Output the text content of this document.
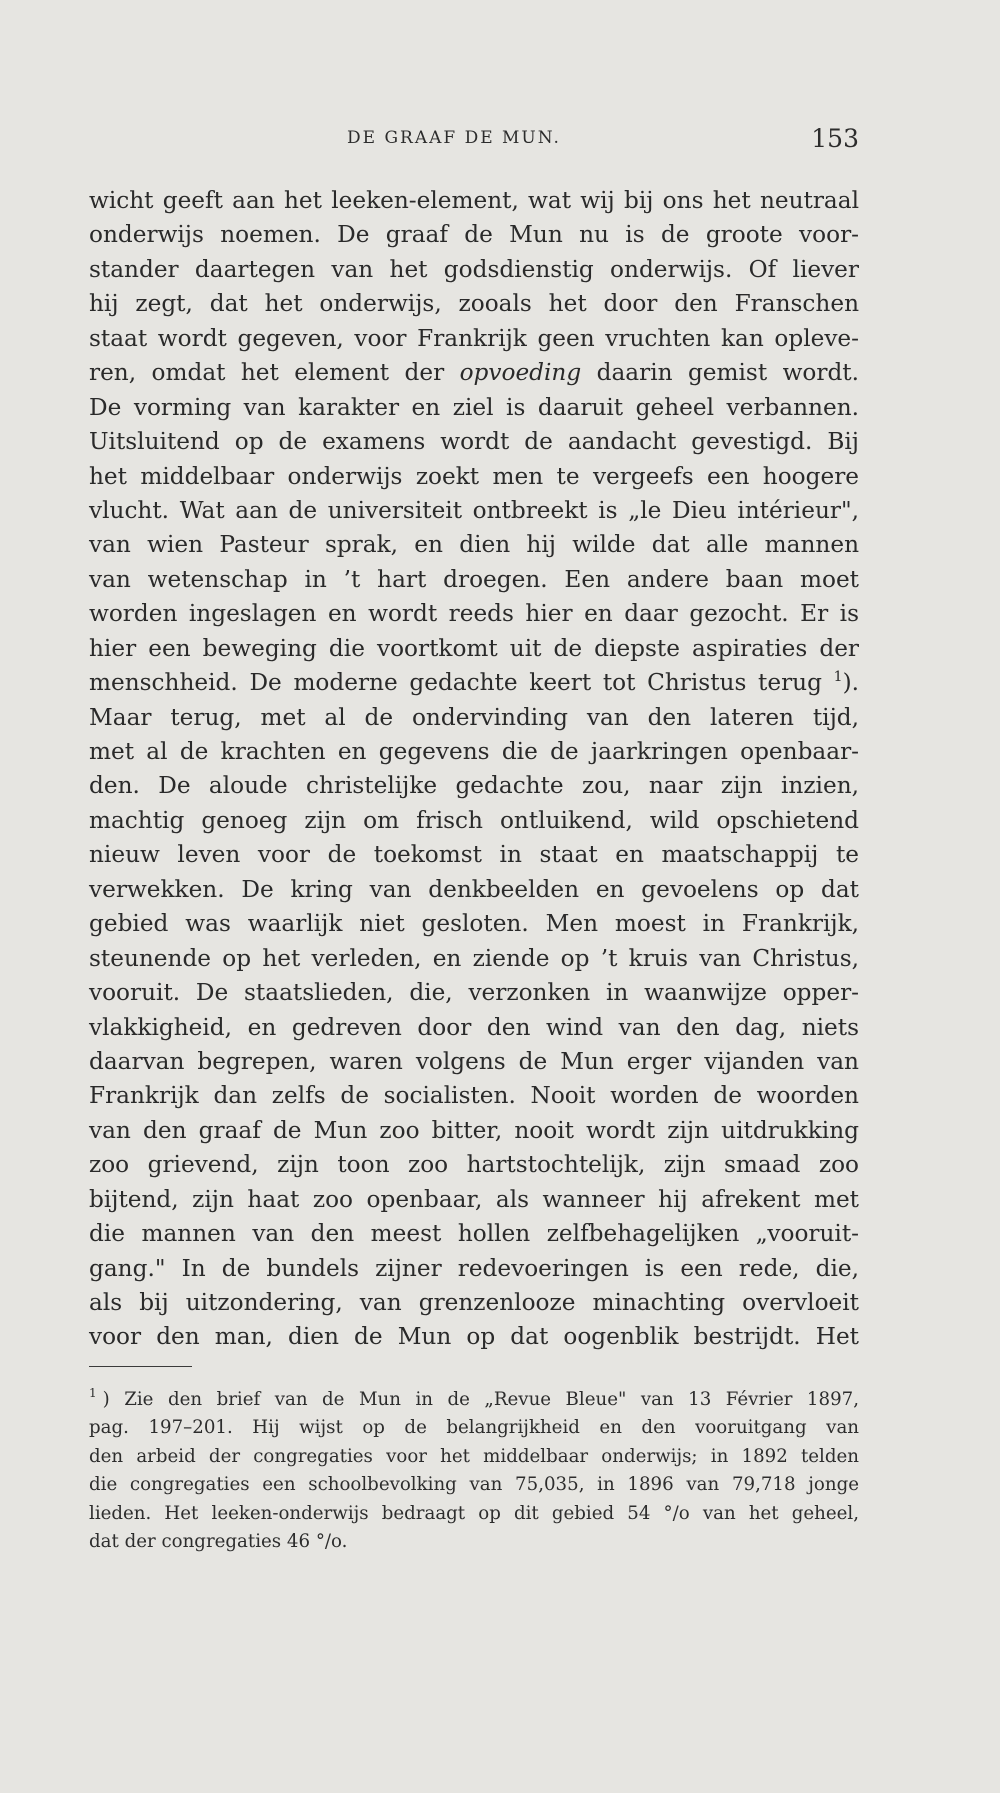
DE GRAAF DE MUN.	153
wicht geeft aan het leeken-element, wat wij bij ons het neutraal
onderwijs noemen. De graaf de Mun nu is de groote voor-
stander daartegen van het godsdienstig onderwijs. Of liever
hij zegt, dat het onderwijs, zooals het door den Franschen
staat wordt gegeven, voor Frankrijk geen vruchten kan opleve-
ren, omdat het element der opvoeding daarin gemist wordt.
De vorming van karakter en ziel is daaruit geheel verbannen.
Uitsluitend op de examens wordt de aandacht gevestigd. Bij
het middelbaar onderwijs zoekt men te vergeefs een hoogere
vlucht. Wat aan de universiteit ontbreekt is „le Dieu intérieur",
van wien Pasteur sprak, en dien hij wilde dat alle mannen
van wetenschap in ’t hart droegen. Een andere baan moet
worden ingeslagen en wordt reeds hier en daar gezocht. Er is
hier een beweging die voortkomt uit de diepste aspiraties der
menschheid. De moderne gedachte keert tot Christus terug $^1$).
Maar terug, met al de ondervinding van den lateren tijd,
met al de krachten en gegevens die de jaarkringen openbaar-
den. De aloude christelijke gedachte zou, naar zijn inzien,
machtig genoeg zijn om frisch ontluikend, wild opschietend
nieuw leven voor de toekomst in staat en maatschappij te
verwekken. De kring van denkbeelden en gevoelens op dat
gebied was waarlijk niet gesloten. Men moest in Frankrijk,
steunende op het verleden, en ziende op ’t kruis van Christus,
vooruit. De staatslieden, die, verzonken in waanwijze opper-
vlakkigheid, en gedreven door den wind van den dag, niets
daarvan begrepen, waren volgens de Mun erger vijanden van
Frankrijk dan zelfs de socialisten. Nooit worden de woorden
van den graaf de Mun zoo bitter, nooit wordt zijn uitdrukking
zoo grievend, zijn toon zoo hartstochtelijk, zijn smaad zoo
bijtend, zijn haat zoo openbaar, als wanneer hij afrekent met
die mannen van den meest hollen zelfbehagelijken „vooruit-
gang." In de bundels zijner redevoeringen is een rede, die,
als bij uitzondering, van grenzenlooze minachting overvloeit
voor den man, dien de Mun op dat oogenblik bestrijdt. Het
$^1$ ) Zie den brief van de Mun in de „Revue Bleue" van 13 Février 1897,
pag. 197–201. Hij wijst op de belangrijkheid en den vooruitgang van
den arbeid der congregaties voor het middelbaar onderwijs; in 1892 telden
die congregaties een schoolbevolking van 75,035, in 1896 van 79,718 jonge
lieden. Het leeken-onderwijs bedraagt op dit gebied 54 °/o van het geheel,
dat der congregaties 46 °/o.
